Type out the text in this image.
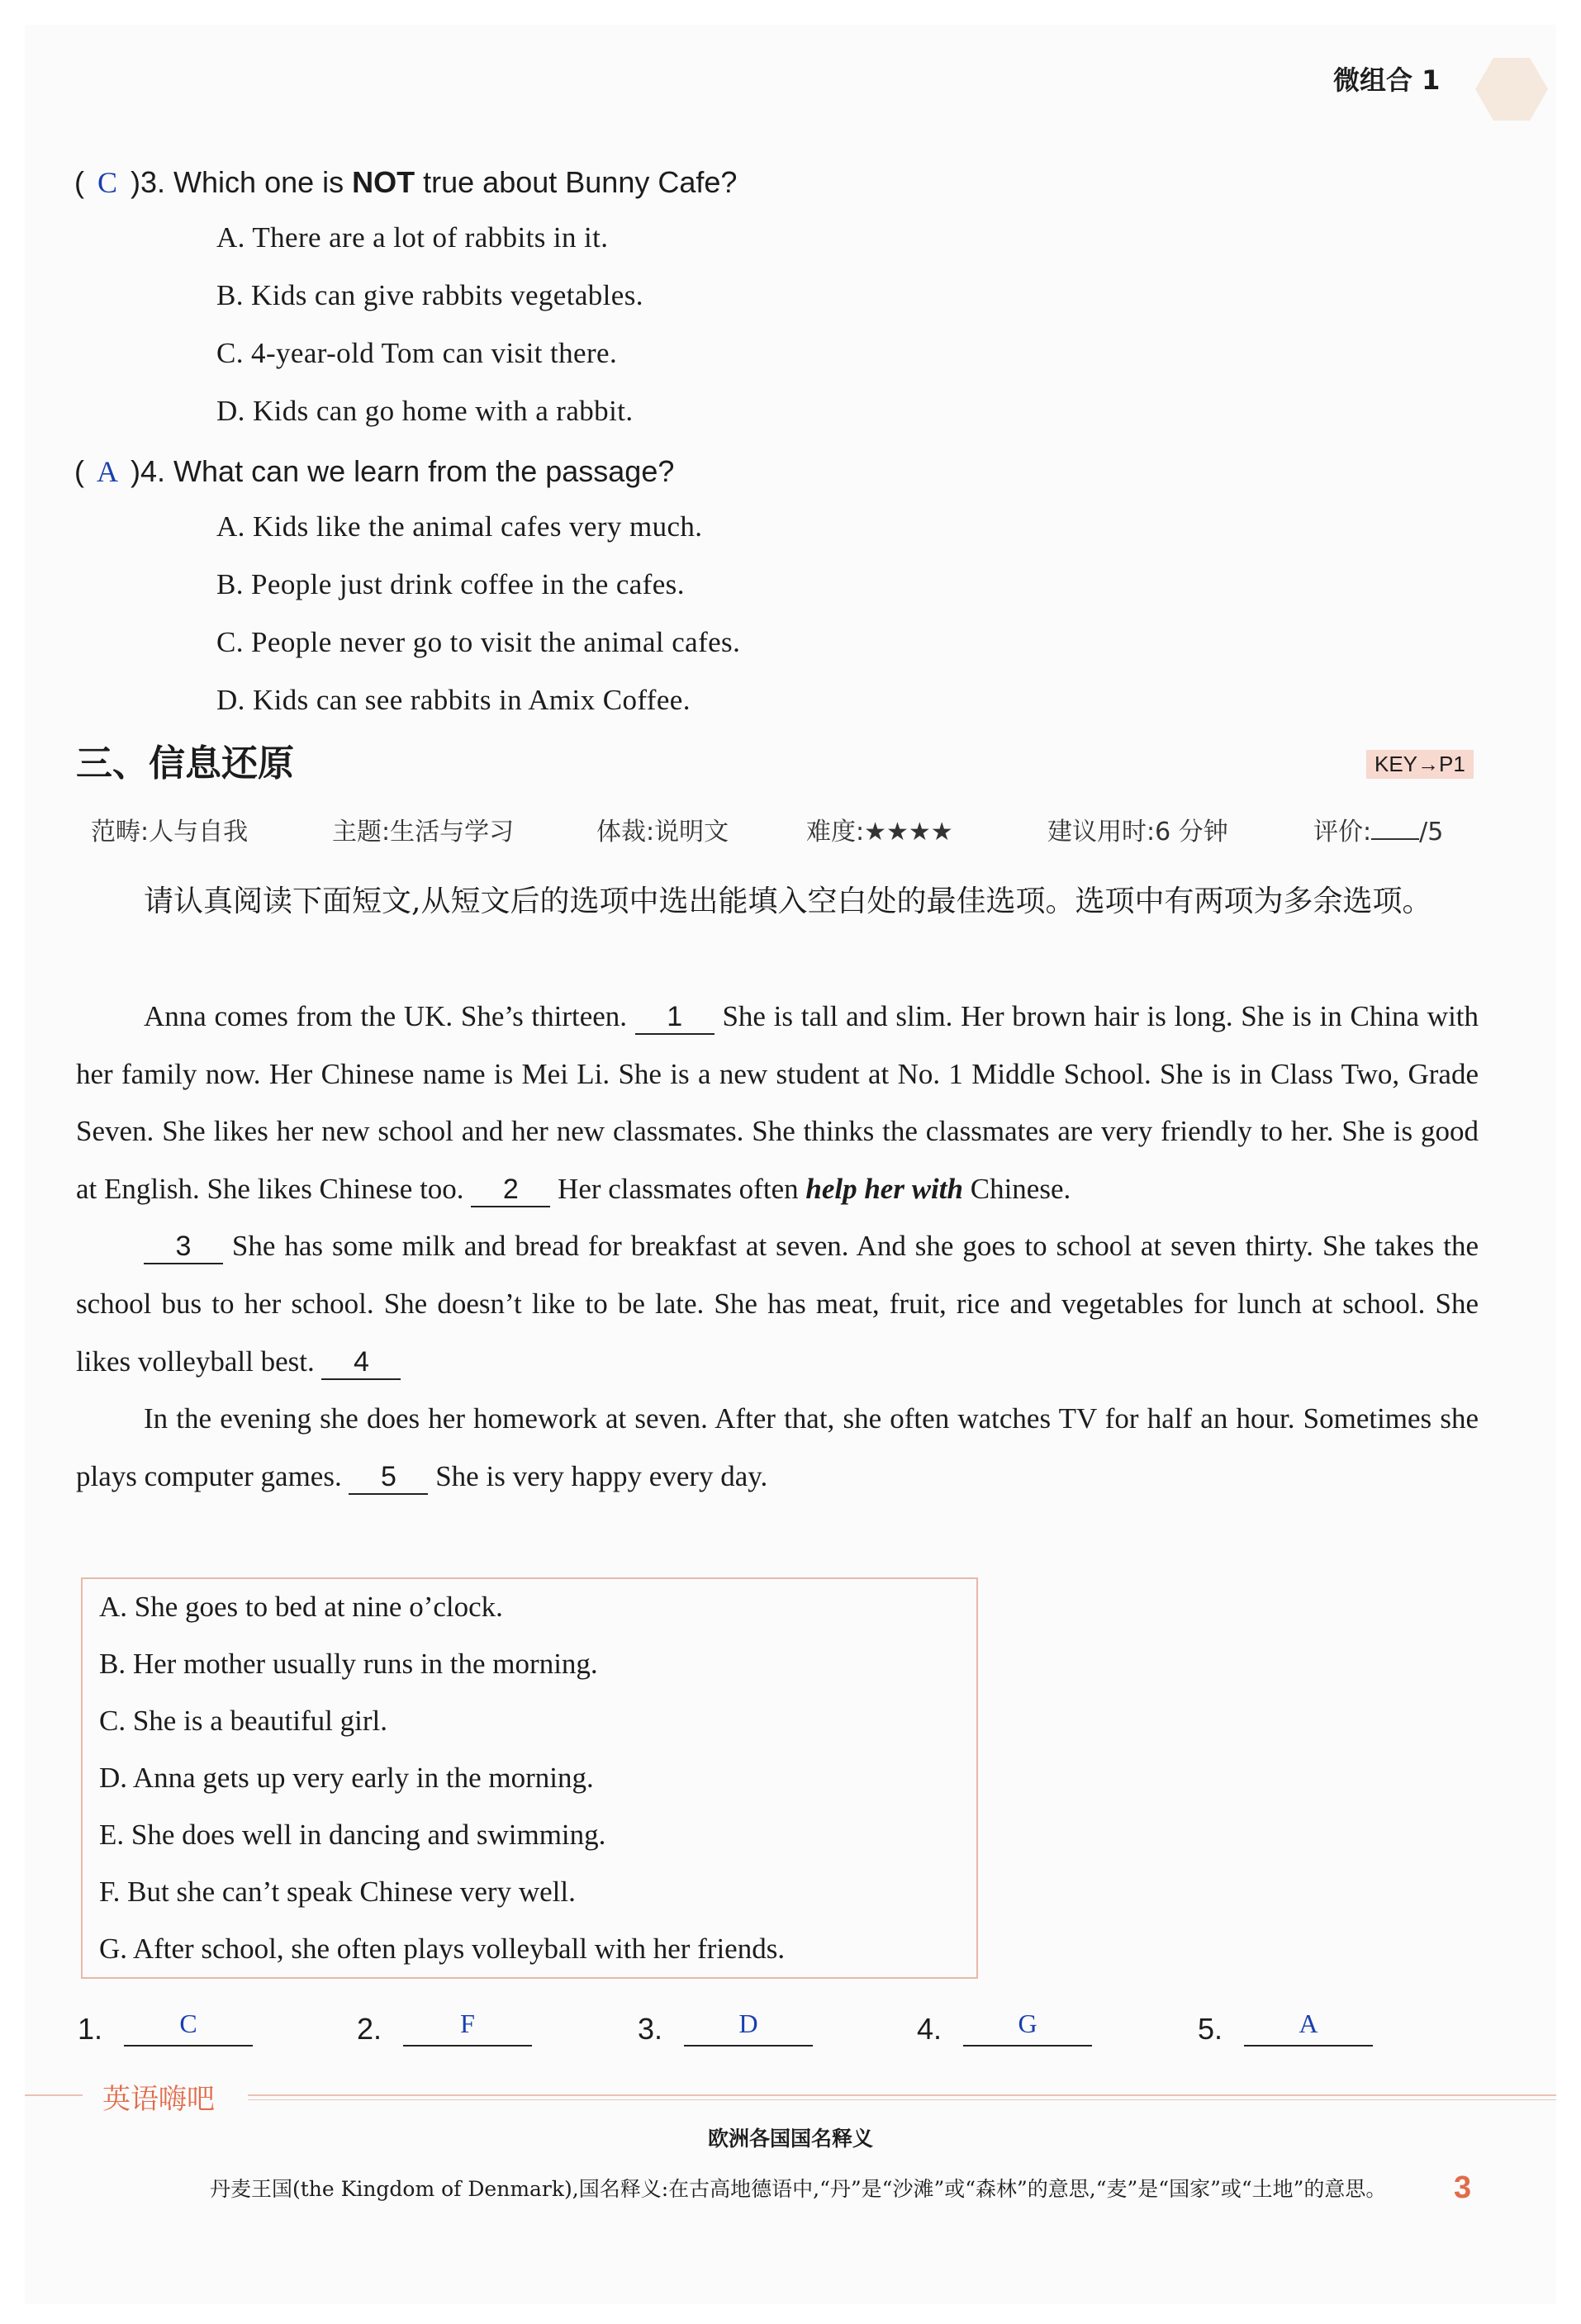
微组合 1
( C )3. Which one is NOT true about Bunny Cafe?
A. There are a lot of rabbits in it.
B. Kids can give rabbits vegetables.
C. 4-year-old Tom can visit there.
D. Kids can go home with a rabbit.
( A )4. What can we learn from the passage?
A. Kids like the animal cafes very much.
B. People just drink coffee in the cafes.
C. People never go to visit the animal cafes.
D. Kids can see rabbits in Amix Coffee.
三、信息还原	KEY→P1
范畴:人与自我	主题:生活与学习	体裁:说明文	难度:★★★★	建议用时:6 分钟	评价: /5
请认真阅读下面短文,从短文后的选项中选出能填入空白处的最佳选项。选项中有两项为多余选项。

Anna comes from the UK. She’s thirteen. 1 She is tall and slim. Her brown hair is long. She is in China with her family now. Her Chinese name is Mei Li. She is a new student at No. 1 Middle School. She is in Class Two, Grade Seven. She likes her new school and her new classmates. She thinks the classmates are very friendly to her. She is good at English. She likes Chinese too. 2 Her classmates often help her with Chinese.

3 She has some milk and bread for breakfast at seven. And she goes to school at seven thirty. She takes the school bus to her school. She doesn’t like to be late. She has meat, fruit, rice and vegetables for lunch at school. She likes volleyball best. 4

In the evening she does her homework at seven. After that, she often watches TV for half an hour. Sometimes she plays computer games. 5 She is very happy every day.

A. She goes to bed at nine o’clock.
B. Her mother usually runs in the morning.
C. She is a beautiful girl.
D. Anna gets up very early in the morning.
E. She does well in dancing and swimming.
F. But she can’t speak Chinese very well.
G. After school, she often plays volleyball with her friends.
1.	C	2.	F	3.	D	4.	G	5.	A
英语嗨吧
欧洲各国国名释义
丹麦王国(the Kingdom of Denmark),国名释义:在古高地德语中,“丹”是“沙滩”或“森林”的意思,“麦”是“国家”或“土地”的意思。 3
